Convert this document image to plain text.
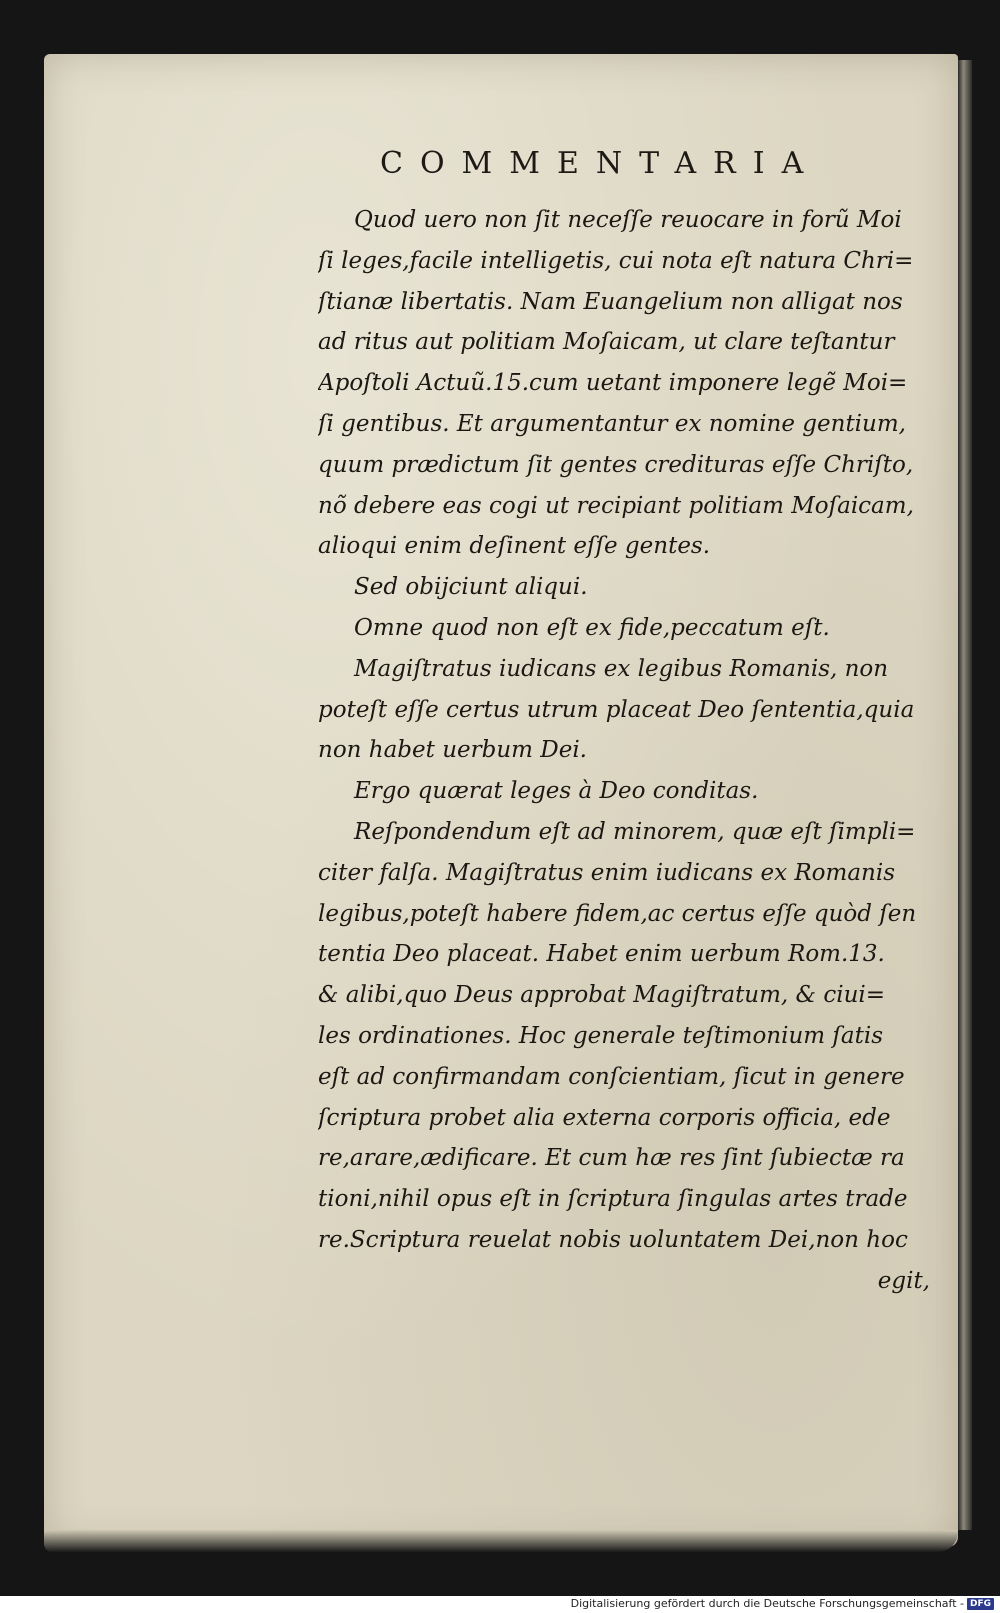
COMMENTARIA
Quod uero non ſit neceſſe reuocare in forũ Moi
ſi leges,facile intelligetis, cui nota eſt natura Chri=
ſtianæ libertatis. Nam Euangelium non alligat nos
ad ritus aut politiam Moſaicam, ut clare teſtantur
Apoſtoli Actuũ.15.cum uetant imponere legẽ Moi=
ſi gentibus. Et argumentantur ex nomine gentium,
quum prædictum ſit gentes credituras eſſe Chriſto,
nõ debere eas cogi ut recipiant politiam Moſaicam,
alioqui enim deſinent eſſe gentes.
Sed obijciunt aliqui.
Omne quod non eſt ex fide,peccatum eſt.
Magiſtratus iudicans ex legibus Romanis, non
poteſt eſſe certus utrum placeat Deo ſententia,quia
non habet uerbum Dei.
Ergo quærat leges à Deo conditas.
Reſpondendum eſt ad minorem, quæ eſt ſimpli=
citer falſa. Magiſtratus enim iudicans ex Romanis
legibus,poteſt habere fidem,ac certus eſſe quòd ſen
tentia Deo placeat. Habet enim uerbum Rom.13.
& alibi,quo Deus approbat Magiſtratum, & ciui=
les ordinationes. Hoc generale teſtimonium ſatis
eſt ad confirmandam conſcientiam, ſicut in genere
ſcriptura probet alia externa corporis officia, ede
re,arare,ædificare. Et cum hæ res ſint ſubiectæ ra
tioni,nihil opus eſt in ſcriptura ſingulas artes trade
re.Scriptura reuelat nobis uoluntatem Dei,non hoc
egit,

Digitalisierung gefördert durch die Deutsche Forschungsgemeinschaft - DFG
